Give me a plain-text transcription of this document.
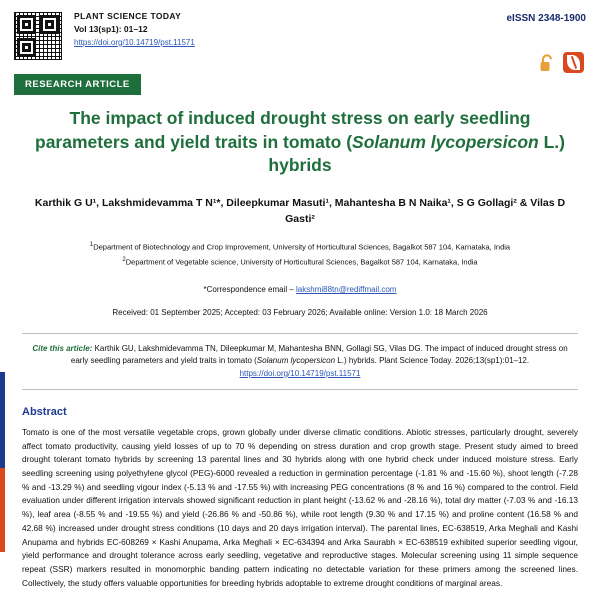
PLANT SCIENCE TODAY
Vol 13(sp1): 01–12
https://doi.org/10.14719/pst.11571
eISSN 2348-1900
RESEARCH ARTICLE
The impact of induced drought stress on early seedling parameters and yield traits in tomato (Solanum lycopersicon L.) hybrids
Karthik G U¹, Lakshmidevamma T N¹*, Dileepkumar Masuti¹, Mahantesha B N Naika¹, S G Gollagi² & Vilas D Gasti²
$^1$Department of Biotechnology and Crop Improvement, University of Horticultural Sciences, Bagalkot 587 104, Karnataka, India
$^2$Department of Vegetable science, University of Horticultural Sciences, Bagalkot 587 104, Karnataka, India
*Correspondence email – lakshmi88tn@rediffmail.com
Received: 01 September 2025; Accepted: 03 February 2026; Available online: Version 1.0: 18 March 2026
Cite this article: Karthik GU, Lakshmidevamma TN, Dileepkumar M, Mahantesha BNN, Gollagi SG, Vilas DG. The impact of induced drought stress on early seedling parameters and yield traits in tomato (Solanum lycopersicon L.) hybrids. Plant Science Today. 2026;13(sp1):01–12.
https://doi.org/10.14719/pst.11571
Abstract
Tomato is one of the most versatile vegetable crops, grown globally under diverse climatic conditions. Abiotic stresses, particularly drought, severely affect tomato productivity, causing yield losses of up to 70 % depending on stress duration and crop growth stage. Present study aimed to breed drought tolerant tomato hybrids by screening 13 parental lines and 30 hybrids along with one hybrid check under induced moisture stress. Early seedling screening using polyethylene glycol (PEG)-6000 revealed a reduction in germination percentage (-1.81 % and -15.60 %), shoot length (-7.28 % and -13.29 %) and seedling vigour index (-5.13 % and -17.55 %) with increasing PEG concentrations (8 % and 16 %) compared to the control. Field evaluation under different irrigation intervals showed significant reduction in plant height (-13.62 % and -28.16 %), total dry matter (-7.03 % and -16.13 %), leaf area (-8.55 % and -19.55 %) and yield (-26.86 % and -50.86 %), while root length (9.30 % and 17.15 %) and proline content (16.58 % and 42.68 %) increased under drought stress conditions (10 days and 20 days irrigation interval). The parental lines, EC-638519, Arka Meghali and Kashi Anupama and hybrids EC-608269 × Kashi Anupama, Arka Meghali × EC-634394 and Arka Saurabh × EC-638519 exhibited superior seedling vigour, yield performance and drought tolerance across early seedling, vegetative and reproductive stages. Molecular screening using 11 simple sequence repeat (SSR) markers resulted in monomorphic banding pattern indicating no detectable variation for these primers among the screened lines. Collectively, the study offers valuable opportunities for breeding hybrids adoptable to extreme drought conditions of marginal areas.
